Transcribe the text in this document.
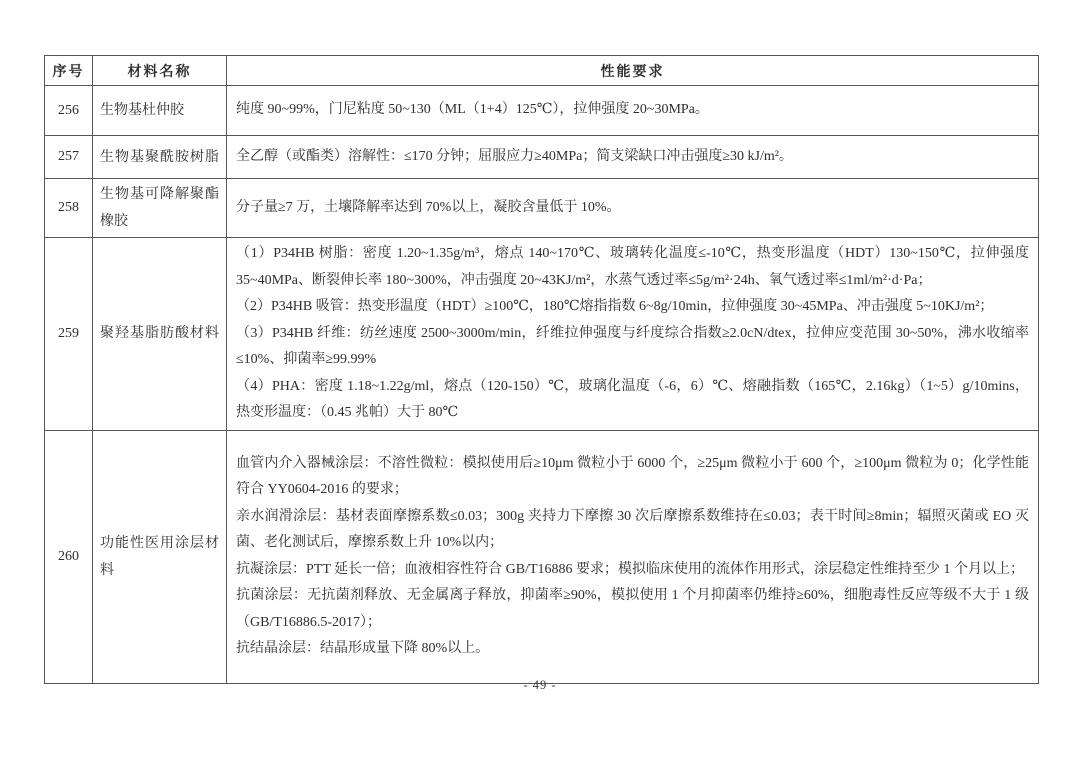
序号	材料名称	性能要求
256	生物基杜仲胶	纯度 90~99%，门尼粘度 50~130（ML（1+4）125℃），拉伸强度 20~30MPa。

257	生物基聚酰胺树脂	全乙醇（或酯类）溶解性：≤170 分钟；屈服应力≥40MPa；简支梁缺口冲击强度≥30 kJ/m²。

258	生物基可降解聚酯橡胶	分子量≥7 万，土壤降解率达到 70%以上，凝胶含量低于 10%。

259	聚羟基脂肪酸材料	（1）P34HB 树脂：密度 1.20~1.35g/m³，熔点 140~170℃、玻璃转化温度≤-10℃，热变形温度（HDT）130~150℃，拉伸强度 35~40MPa、断裂伸长率 180~300%，冲击强度 20~43KJ/m²，水蒸气透过率≤5g/m²·24h、氧气透过率≤1ml/m²·d·Pa；

（2）P34HB 吸管：热变形温度（HDT）≥100℃，180℃熔指指数 6~8g/10min，拉伸强度 30~45MPa、冲击强度 5~10KJ/m²；

（3）P34HB 纤维：纺丝速度 2500~3000m/min，纤维拉伸强度与纤度综合指数≥2.0cN/dtex，拉伸应变范围 30~50%，沸水收缩率≤10%、抑菌率≥99.99%

（4）PHA：密度 1.18~1.22g/ml，熔点（120-150）℃，玻璃化温度（-6，6）℃、熔融指数（165℃，2.16kg）（1~5）g/10mins，热变形温度：（0.45 兆帕）大于 80℃

260	功能性医用涂层材料	血管内介入器械涂层：不溶性微粒：模拟使用后≥10μm 微粒小于 6000 个，≥25μm 微粒小于 600 个，≥100μm 微粒为 0；化学性能符合 YY0604-2016 的要求；

亲水润滑涂层：基材表面摩擦系数≤0.03；300g 夹持力下摩擦 30 次后摩擦系数维持在≤0.03；表干时间≥8min；辐照灭菌或 EO 灭菌、老化测试后，摩擦系数上升 10%以内；

抗凝涂层：PTT 延长一倍；血液相容性符合 GB/T16886 要求；模拟临床使用的流体作用形式，涂层稳定性维持至少 1 个月以上；

抗菌涂层：无抗菌剂释放、无金属离子释放，抑菌率≥90%，模拟使用 1 个月抑菌率仍维持≥60%，细胞毒性反应等级不大于 1 级（GB/T16886.5-2017）；

抗结晶涂层：结晶形成量下降 80%以上。

- 49 -
